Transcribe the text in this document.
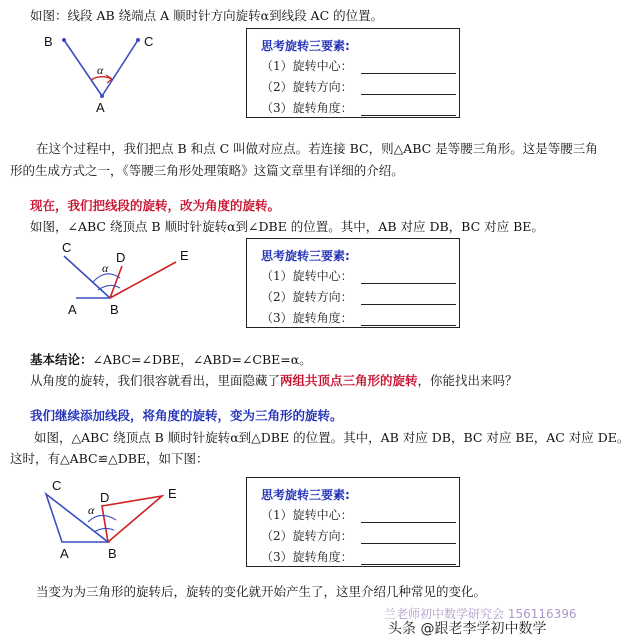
如图：线段 AB 绕端点 A 顺时针方向旋转α到线段 AC 的位置。
B	C
A
α
思考旋转三要素:
（1）旋转中心：
（2）旋转方向：
（3）旋转角度：
在这个过程中，我们把点 B 和点 C 叫做对应点。若连接 BC，则△ABC 是等腰三角形。这是等腰三角
形的生成方式之一，《等腰三角形处理策略》这篇文章里有详细的介绍。
现在，我们把线段的旋转，改为角度的旋转。
如图，∠ABC 绕顶点 B 顺时针旋转α到∠DBE 的位置。其中，AB 对应 DB，BC 对应 BE。
C
D	E
A	B
α
思考旋转三要素:
（1）旋转中心：
（2）旋转方向：
（3）旋转角度：
基本结论：∠ABC=∠DBE，∠ABD=∠CBE=α。
从角度的旋转，我们很容就看出，里面隐藏了两组共顶点三角形的旋转，你能找出来吗？
我们继续添加线段，将角度的旋转，变为三角形的旋转。
如图，△ABC 绕顶点 B 顺时针旋转α到△DBE 的位置。其中，AB 对应 DB，BC 对应 BE，AC 对应 DE。
这时，有△ABC≌△DBE，如下图：
C
D	E
A	B
α
思考旋转三要素:
（1）旋转中心：
（2）旋转方向：
（3）旋转角度：
当变为为三角形的旋转后，旋转的变化就开始产生了，这里介绍几种常见的变化。
兰老师初中数学研究会 156116396
头条 @跟老李学初中数学
